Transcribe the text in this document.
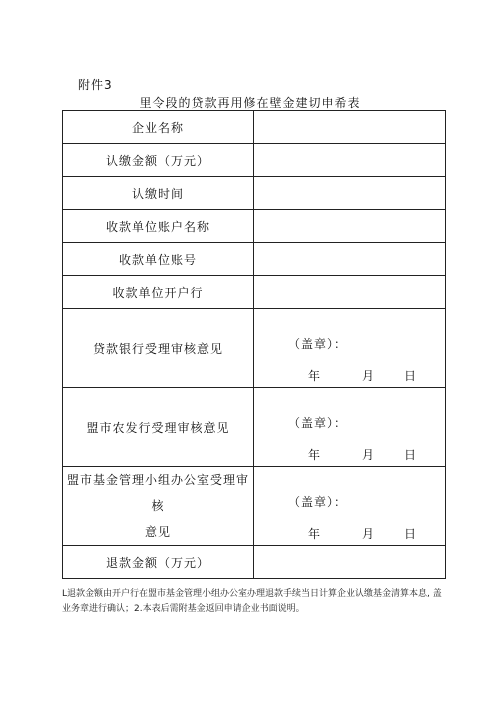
附件3
里令段的贷款再用修在壁金建切申希表
企业名称	
认缴金额（万元）	
认缴时间	
收款单位账户名称	
收款单位账号	
收款单位开户行	
贷款银行受理审核意见	（盖章）：
年 月 日

盟市农发行受理审核意见	（盖章）：
年 月 日

盟市基金管理小组办公室受理审核
意见	（盖章）：
年 月 日

退款金额（万元）	
L退款金额由开户行在盟市基金管理小组办公室办理退款手续当日计算企业认缴基金清算本息, 盖业务章进行确认；2.本表后需附基金返回申请企业书面说明。
